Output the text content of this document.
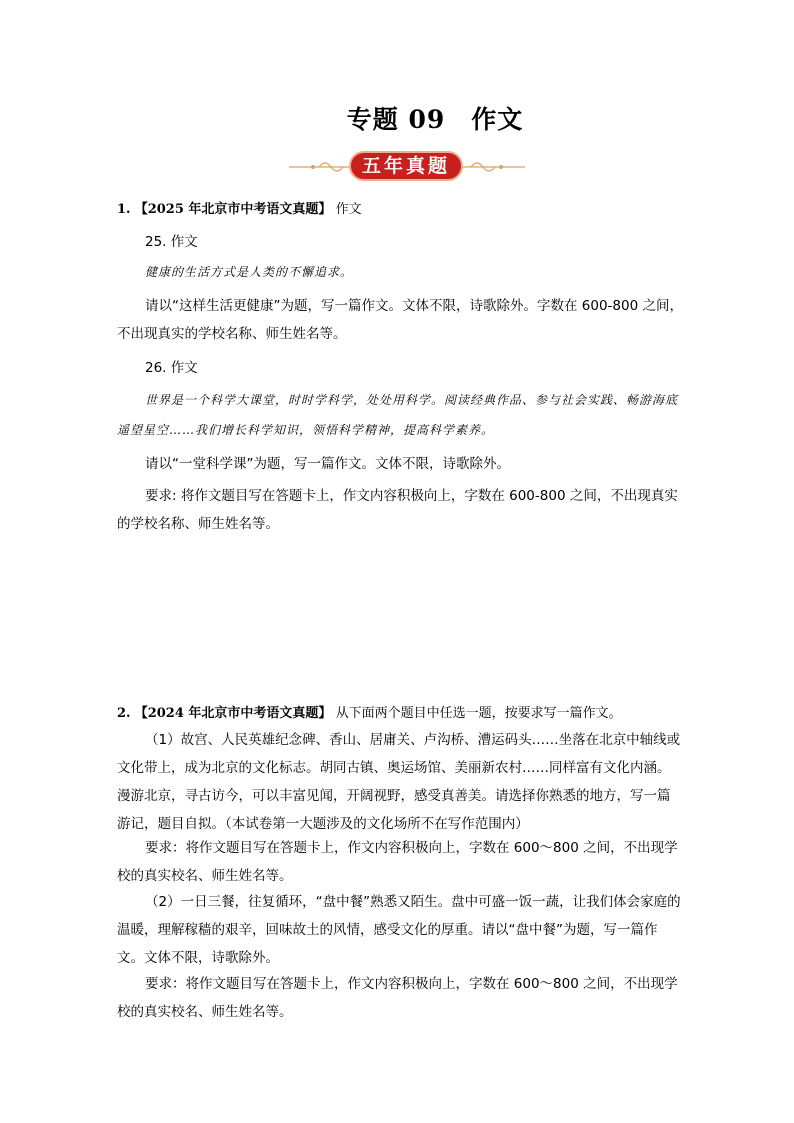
专题 09　作文
五年真题
1. 【2025 年北京市中考语文真题】 作文
25. 作文
健康的生活方式是人类的不懈追求。
请以“这样生活更健康”为题，写一篇作文。文体不限，诗歌除外。字数在 600-800 之间，不出现真实的学校名称、师生姓名等。
26. 作文
世界是一个科学大课堂，时时学科学，处处用科学。阅读经典作品、参与社会实践、畅游海底遥望星空……我们增长科学知识，领悟科学精神，提高科学素养。
请以“一堂科学课”为题，写一篇作文。文体不限，诗歌除外。
要求: 将作文题目写在答题卡上，作文内容积极向上，字数在 600-800 之间，不出现真实的学校名称、师生姓名等。
2. 【2024 年北京市中考语文真题】 从下面两个题目中任选一题，按要求写一篇作文。
（1）故宫、人民英雄纪念碑、香山、居庸关、卢沟桥、漕运码头……坐落在北京中轴线或文化带上，成为北京的文化标志。胡同古镇、奥运场馆、美丽新农村……同样富有文化内涵。漫游北京，寻古访今，可以丰富见闻，开阔视野，感受真善美。请选择你熟悉的地方，写一篇游记，题目自拟。（本试卷第一大题涉及的文化场所不在写作范围内）
要求：将作文题目写在答题卡上，作文内容积极向上，字数在 600～800 之间，不出现学校的真实校名、师生姓名等。
（2）一日三餐，往复循环，“盘中餐”熟悉又陌生。盘中可盛一饭一蔬，让我们体会家庭的温暖，理解稼穑的艰辛，回味故土的风情，感受文化的厚重。请以“盘中餐”为题，写一篇作文。文体不限，诗歌除外。
要求：将作文题目写在答题卡上，作文内容积极向上，字数在 600～800 之间，不出现学校的真实校名、师生姓名等。
